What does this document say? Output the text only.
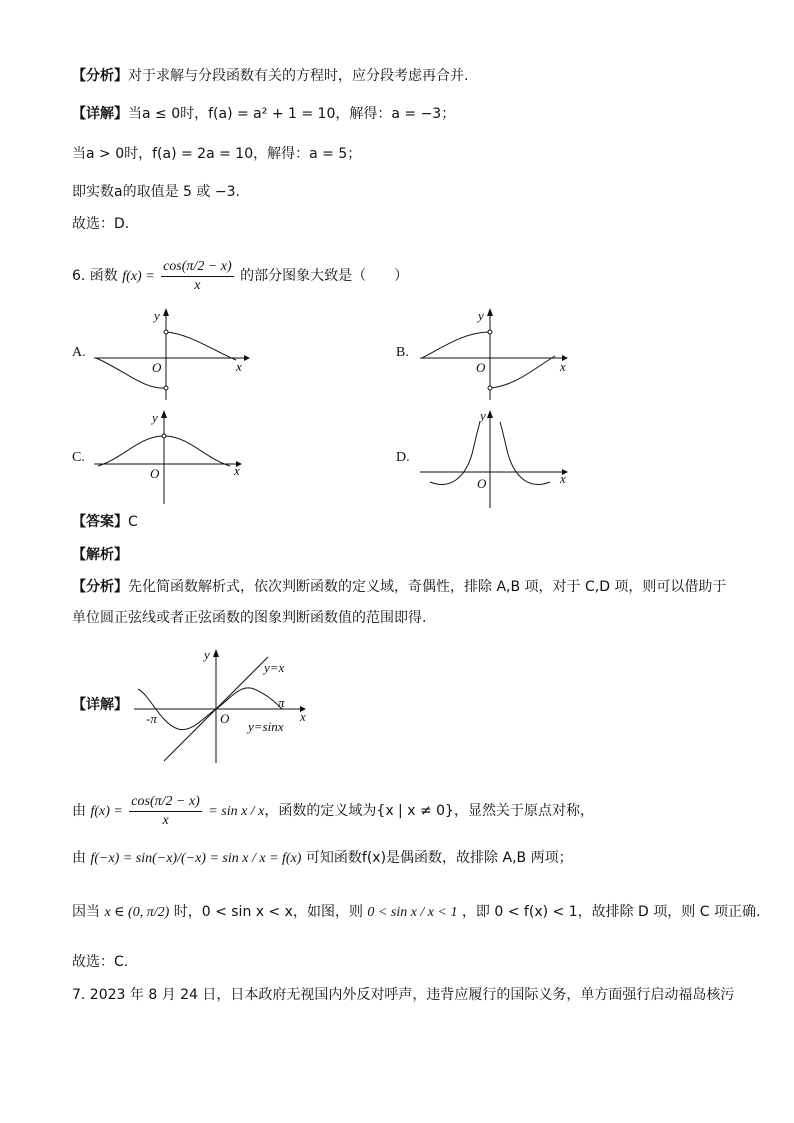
【分析】对于求解与分段函数有关的方程时，应分段考虑再合并.
【详解】当a ≤ 0时，f(a) = a² + 1 = 10，解得：a = −3；
当a > 0时，f(a) = 2a = 10，解得：a = 5；
即实数a的取值是 5 或 −3.
故选：D.
6. 函数 $f(x) = \frac{\cos(\pi/2 - x)}{x}$ 的部分图象大致是（　　）
A.	B.
C.	D.
y
x
O
y
x
O
y
x
O
y
x
O
【答案】C
【解析】
【分析】先化简函数解析式，依次判断函数的定义域，奇偶性，排除 A,B 项，对于 C,D 项，则可以借助于
单位圆正弦线或者正弦函数的图象判断函数值的范围即得.
【详解】
y
x
y=x
π
-π	O
y=sinx
由 $f(x) = \frac{\cos(\pi/2 - x)}{x} = \sin x / x$，函数的定义域为{x | x ≠ 0}，显然关于原点对称，
由 f(−x) = sin(−x)/(−x) = sin x / x = f(x) 可知函数f(x)是偶函数，故排除 A,B 两项；
因当 x ∈ (0, π/2) 时，0 < sin x < x，如图，则 0 < sin x / x < 1 ，即 0 < f(x) < 1，故排除 D 项，则 C 项正确.
故选：C.
7. 2023 年 8 月 24 日，日本政府无视国内外反对呼声，违背应履行的国际义务，单方面强行启动福岛核污
